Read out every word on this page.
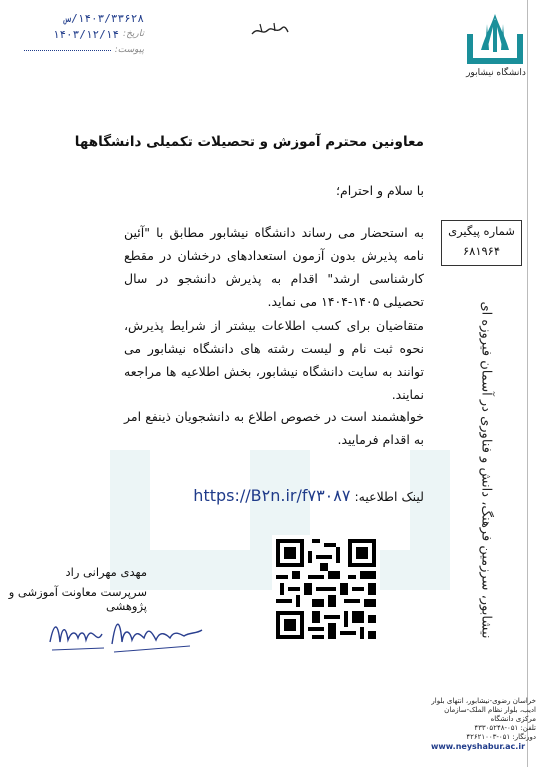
دانشگاه نیشابور
۱۴۰۳/۳۳۶۲۸/س
تاریخ:
۱۴۰۳/۱۲/۱۴
پیوست:
معاونین محترم آموزش و تحصیلات تکمیلی دانشگاهها
با سلام و احترام؛
به استحضار می رساند دانشگاه نیشابور مطابق با "آئین نامه پذیرش بدون آزمون استعدادهای درخشان در مقطع کارشناسی ارشد" اقدام به پذیرش دانشجو در سال تحصیلی ۱۴۰۵-۱۴۰۴ می نماید.
متقاضیان برای کسب اطلاعات بیشتر از شرایط پذیرش، نحوه ثبت نام و لیست رشته های دانشگاه نیشابور می توانند به سایت دانشگاه نیشابور، بخش اطلاعیه ها مراجعه نمایند.
خواهشمند است در خصوص اطلاع به دانشجویان ذینفع امر به اقدام فرمایید.
لینک اطلاعیه: https://B۲n.ir/f۷۳۰۸۷
شماره پیگیری
۶۸۱۹۶۴
نیشابور، سرزمین فرهنگ، دانش و فناوری در آسمان فیروزه ای
مهدی مهرانی راد
سرپرست معاونت آموزشی و پژوهشی
خراسان رضوی-نیشابور، انتهای بلوار ادیب، بلوار نظام الملک-سازمان مرکزی دانشگاه
تلفن: ۰۵۱-۴۳۳۰۵۲۴۸
دورنگار: ۰۵۱-۴۲۶۲۱۰۰۳
www.neyshabur.ac.ir
